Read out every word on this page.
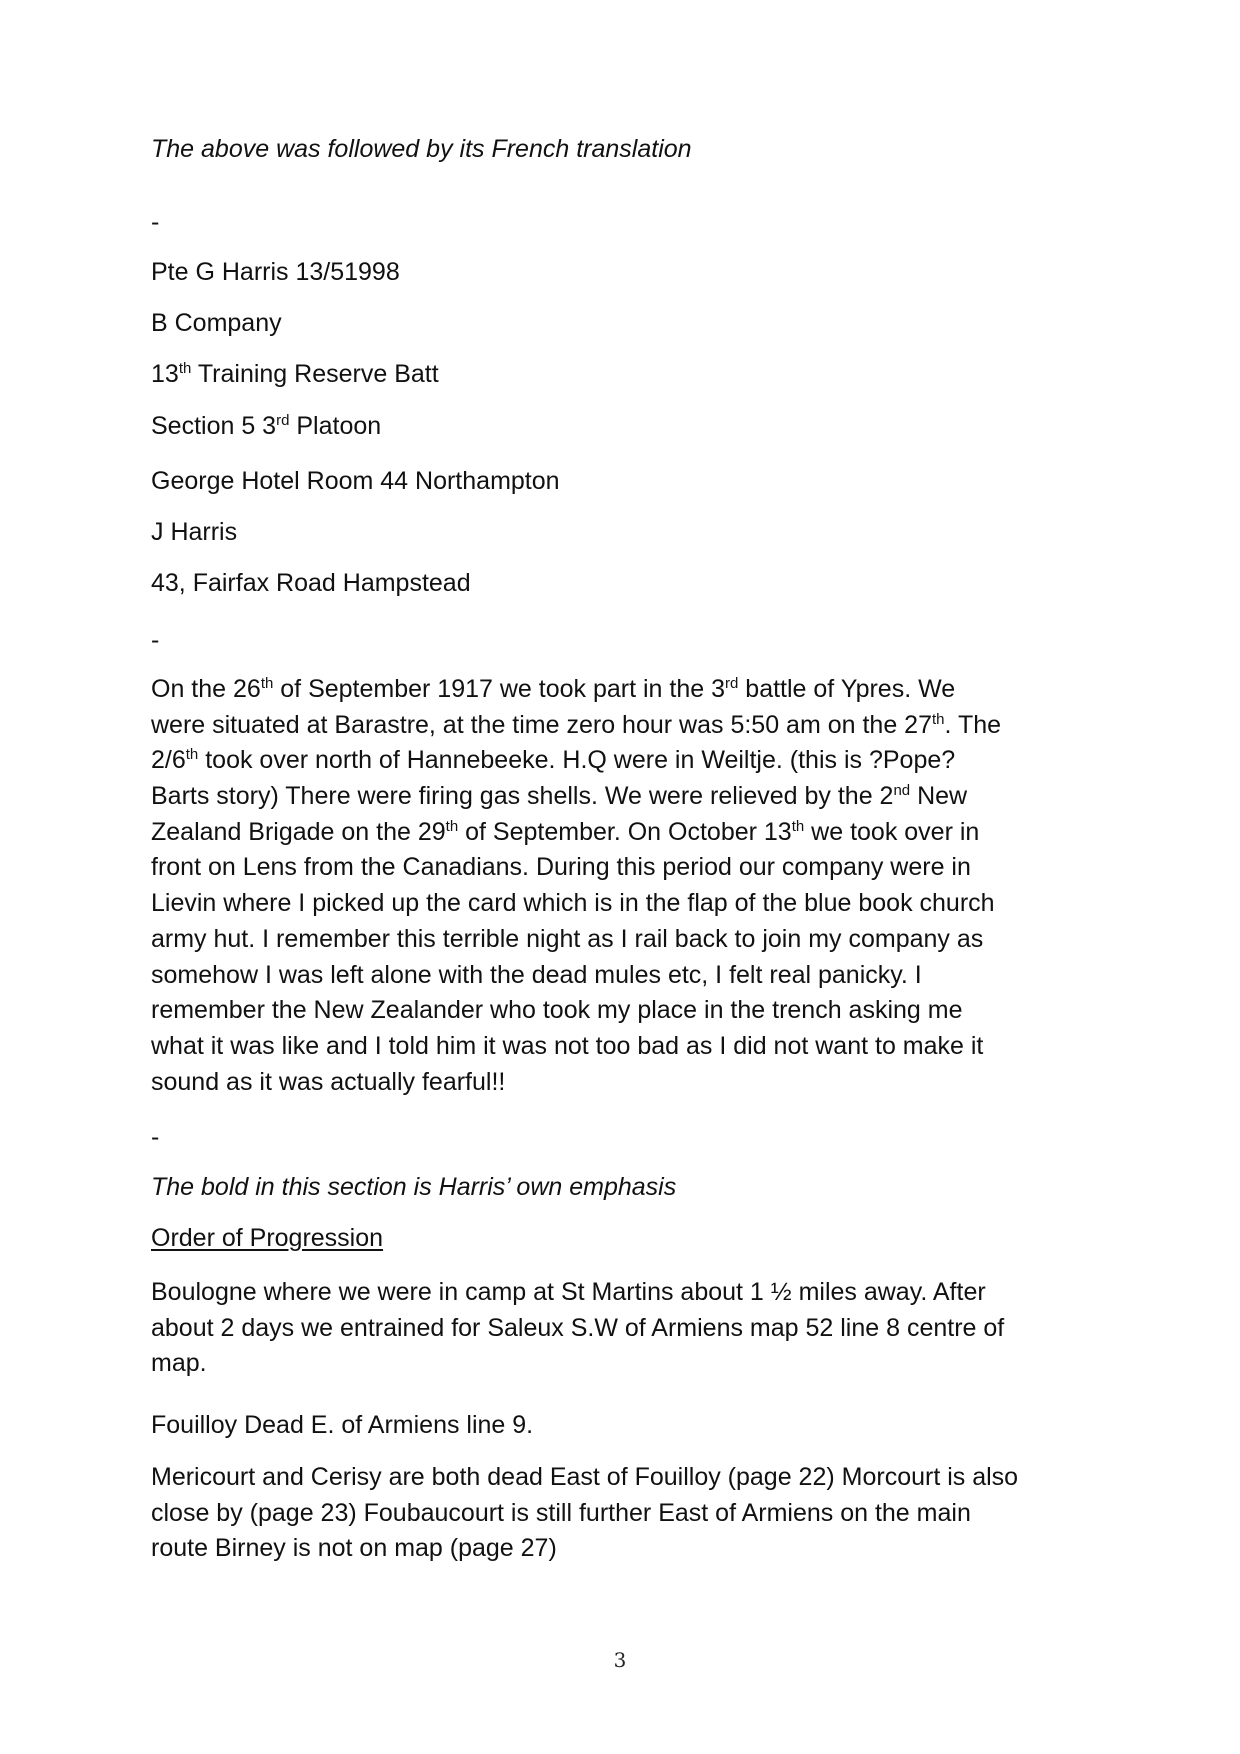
The above was followed by its French translation

-

Pte G Harris 13/51998

B Company

13th Training Reserve Batt

Section 5 3rd Platoon

George Hotel Room 44 Northampton

J Harris

43, Fairfax Road Hampstead

-

On the 26th of September 1917 we took part in the 3rd battle of Ypres. We
were situated at Barastre, at the time zero hour was 5:50 am on the 27th. The
2/6th took over north of Hannebeeke. H.Q were in Weiltje. (this is ?Pope?
Barts story) There were firing gas shells. We were relieved by the 2nd New
Zealand Brigade on the 29th of September. On October 13th we took over in
front on Lens from the Canadians. During this period our company were in
Lievin where I picked up the card which is in the flap of the blue book church
army hut. I remember this terrible night as I rail back to join my company as
somehow I was left alone with the dead mules etc, I felt real panicky. I
remember the New Zealander who took my place in the trench asking me
what it was like and I told him it was not too bad as I did not want to make it
sound as it was actually fearful!!

-

The bold in this section is Harris’ own emphasis

Order of Progression

Boulogne where we were in camp at St Martins about 1 ½ miles away. After
about 2 days we entrained for Saleux S.W of Armiens map 52 line 8 centre of
map.

Fouilloy Dead E. of Armiens line 9.

Mericourt and Cerisy are both dead East of Fouilloy (page 22) Morcourt is also
close by (page 23) Foubaucourt is still further East of Armiens on the main
route Birney is not on map (page 27)
3
